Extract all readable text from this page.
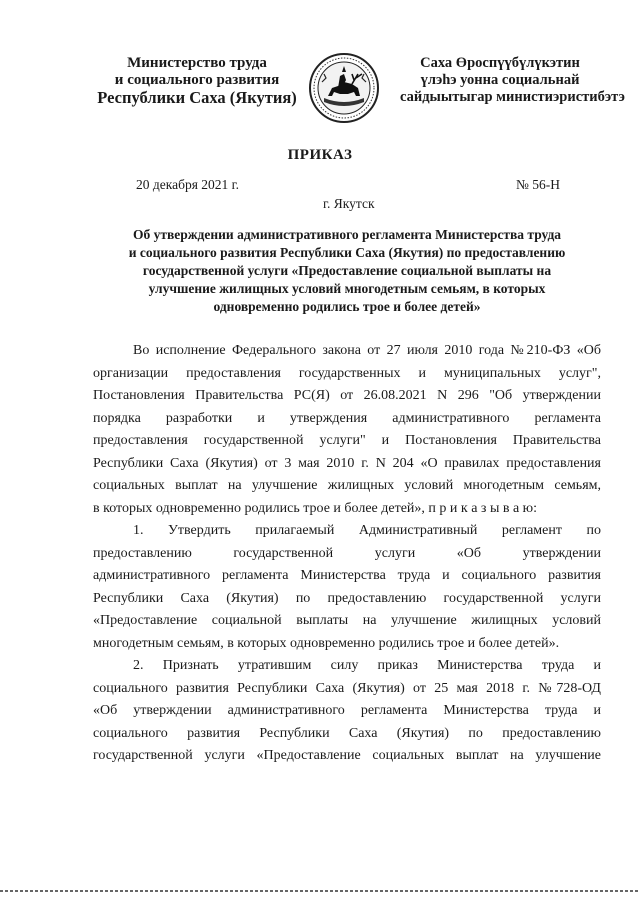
Министерство труда
и социального развития
Республики Саха (Якутия)
Саха Өроспүүбүлүкэтин
үлэһэ уонна социальнай
сайдыытыгар министиэристибэтэ
ПРИКАЗ
20 декабря 2021 г.	№ 56-Н
г. Якутск
Об утверждении административного регламента Министерства труда
и социального развития Республики Саха (Якутия) по предоставлению
государственной услуги «Предоставление социальной выплаты на
улучшение жилищных условий многодетным семьям, в которых
одновременно родились трое и более детей»
Во исполнение Федерального закона от 27 июля 2010 года №210-ФЗ «Об
организации предоставления государственных и муниципальных услуг",
Постановления Правительства РС(Я) от 26.08.2021 N 296 "Об утверждении
порядка разработки и утверждения административного регламента
предоставления государственной услуги" и Постановления Правительства
Республики Саха (Якутия) от 3 мая 2010 г. N 204 «О правилах предоставления
социальных выплат на улучшение жилищных условий многодетным семьям,
в которых одновременно родились трое и более детей», п р и к а з ы в а ю:
1. Утвердить прилагаемый Административный регламент по
предоставлению государственной услуги «Об утверждении
административного регламента Министерства труда и социального развития
Республики Саха (Якутия) по предоставлению государственной услуги
«Предоставление социальной выплаты на улучшение жилищных условий
многодетным семьям, в которых одновременно родились трое и более детей».
2. Признать утратившим силу приказ Министерства труда и
социального развития Республики Саха (Якутия) от 25 мая 2018 г. №728-ОД
«Об утверждении административного регламента Министерства труда и
социального развития Республики Саха (Якутия) по предоставлению
государственной услуги «Предоставление социальных выплат на улучшение
